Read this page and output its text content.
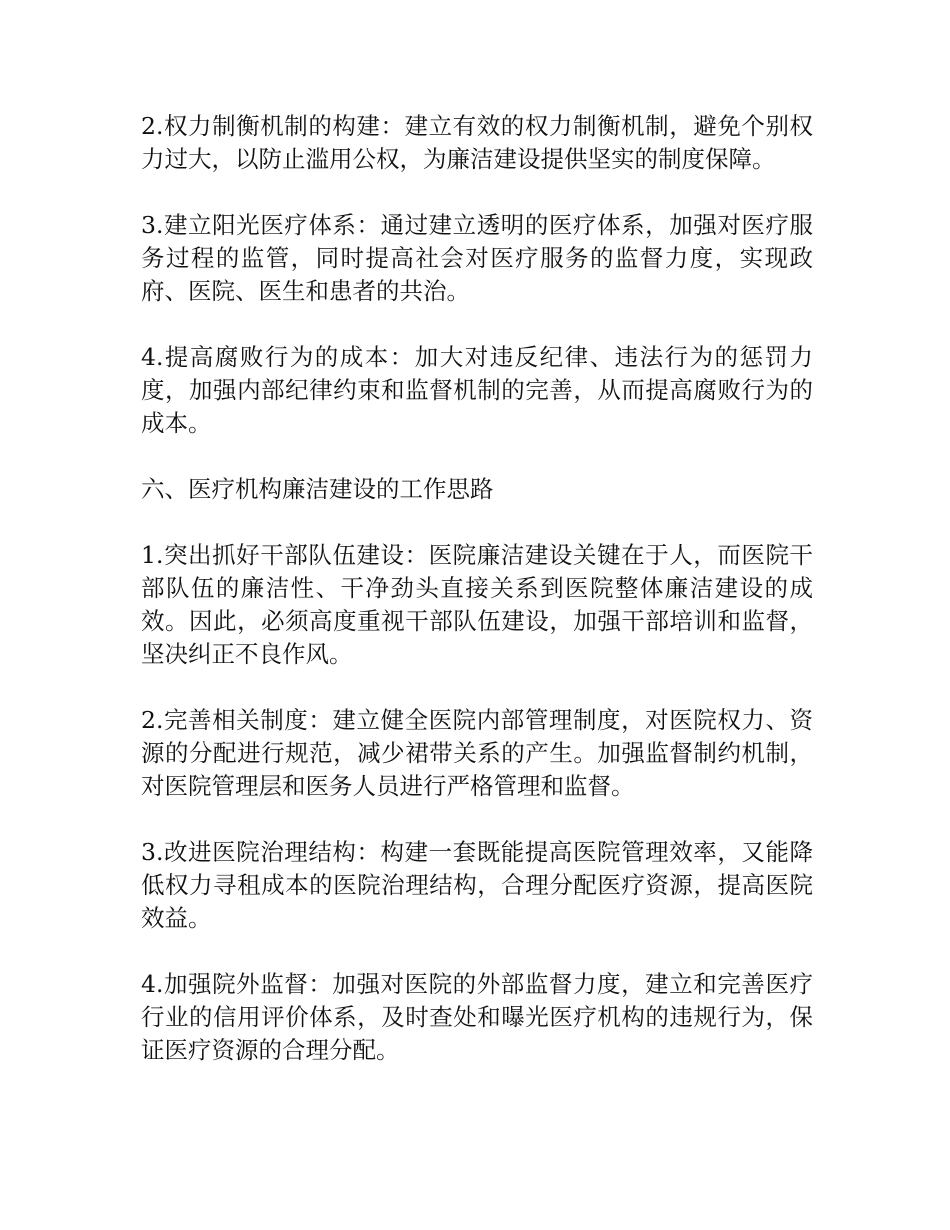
2.权力制衡机制的构建：建立有效的权力制衡机制，避免个别权力过大，以防止滥用公权，为廉洁建设提供坚实的制度保障。

3.建立阳光医疗体系：通过建立透明的医疗体系，加强对医疗服务过程的监管，同时提高社会对医疗服务的监督力度，实现政府、医院、医生和患者的共治。

4.提高腐败行为的成本：加大对违反纪律、违法行为的惩罚力度，加强内部纪律约束和监督机制的完善，从而提高腐败行为的成本。

六、医疗机构廉洁建设的工作思路

1.突出抓好干部队伍建设：医院廉洁建设关键在于人，而医院干部队伍的廉洁性、干净劲头直接关系到医院整体廉洁建设的成效。因此，必须高度重视干部队伍建设，加强干部培训和监督，坚决纠正不良作风。

2.完善相关制度：建立健全医院内部管理制度，对医院权力、资源的分配进行规范，减少裙带关系的产生。加强监督制约机制，对医院管理层和医务人员进行严格管理和监督。

3.改进医院治理结构：构建一套既能提高医院管理效率，又能降低权力寻租成本的医院治理结构，合理分配医疗资源，提高医院效益。

4.加强院外监督：加强对医院的外部监督力度，建立和完善医疗行业的信用评价体系，及时查处和曝光医疗机构的违规行为，保证医疗资源的合理分配。
